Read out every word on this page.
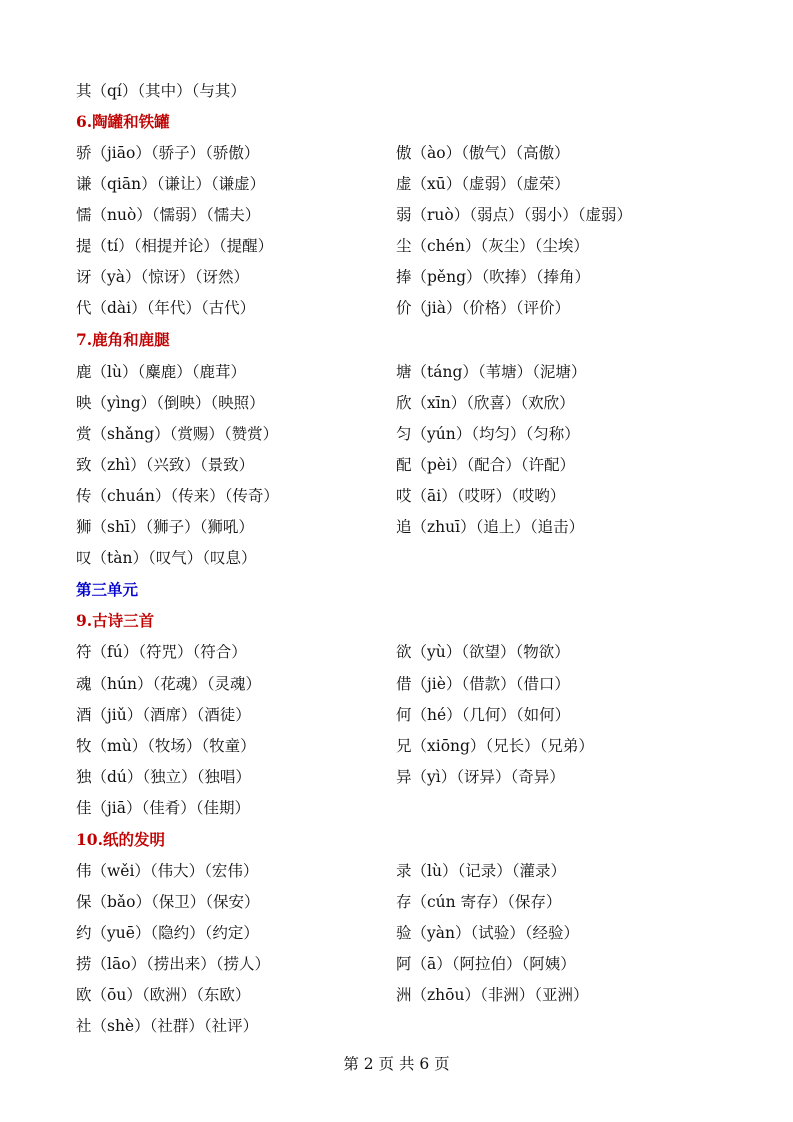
其（qí）（其中）（与其）
6.陶罐和铁罐
骄（jiāo）（骄子）（骄傲）	傲（ào）（傲气）（高傲）
谦（qiān）（谦让）（谦虚）	虚（xū）（虚弱）（虚荣）
懦（nuò）（懦弱）（懦夫）	弱（ruò）（弱点）（弱小）（虚弱）
提（tí）（相提并论）（提醒）	尘（chén）（灰尘）（尘埃）
讶（yà）（惊讶）（讶然）	捧（pěng）（吹捧）（捧角）
代（dài）（年代）（古代）	价（jià）（价格）（评价）
7.鹿角和鹿腿
鹿（lù）（麋鹿）（鹿茸）	塘（táng）（苇塘）（泥塘）
映（yìng）（倒映）（映照）	欣（xīn）（欣喜）（欢欣）
赏（shǎng）（赏赐）（赞赏）	匀（yún）（均匀）（匀称）
致（zhì）（兴致）（景致）	配（pèi）（配合）（许配）
传（chuán）（传来）（传奇）	哎（āi）（哎呀）（哎哟）
狮（shī）（狮子）（狮吼）	追（zhuī）（追上）（追击）
叹（tàn）（叹气）（叹息）
第三单元
9.古诗三首
符（fú）（符咒）（符合）	欲（yù）（欲望）（物欲）
魂（hún）（花魂）（灵魂）	借（jiè）（借款）（借口）
酒（jiǔ）（酒席）（酒徒）	何（hé）（几何）（如何）
牧（mù）（牧场）（牧童）	兄（xiōng）（兄长）（兄弟）
独（dú）（独立）（独唱）	异（yì）（讶异）（奇异）
佳（jiā）（佳肴）（佳期）
10.纸的发明
伟（wěi）（伟大）（宏伟）	录（lù）（记录）（灌录）
保（bǎo）（保卫）（保安）	存（cún 寄存）（保存）
约（yuē）（隐约）（约定）	验（yàn）（试验）（经验）
捞（lāo）（捞出来）（捞人）	阿（ā）（阿拉伯）（阿姨）
欧（ōu）（欧洲）（东欧）	洲（zhōu）（非洲）（亚洲）
社（shè）（社群）（社评）
第 2 页 共 6 页
